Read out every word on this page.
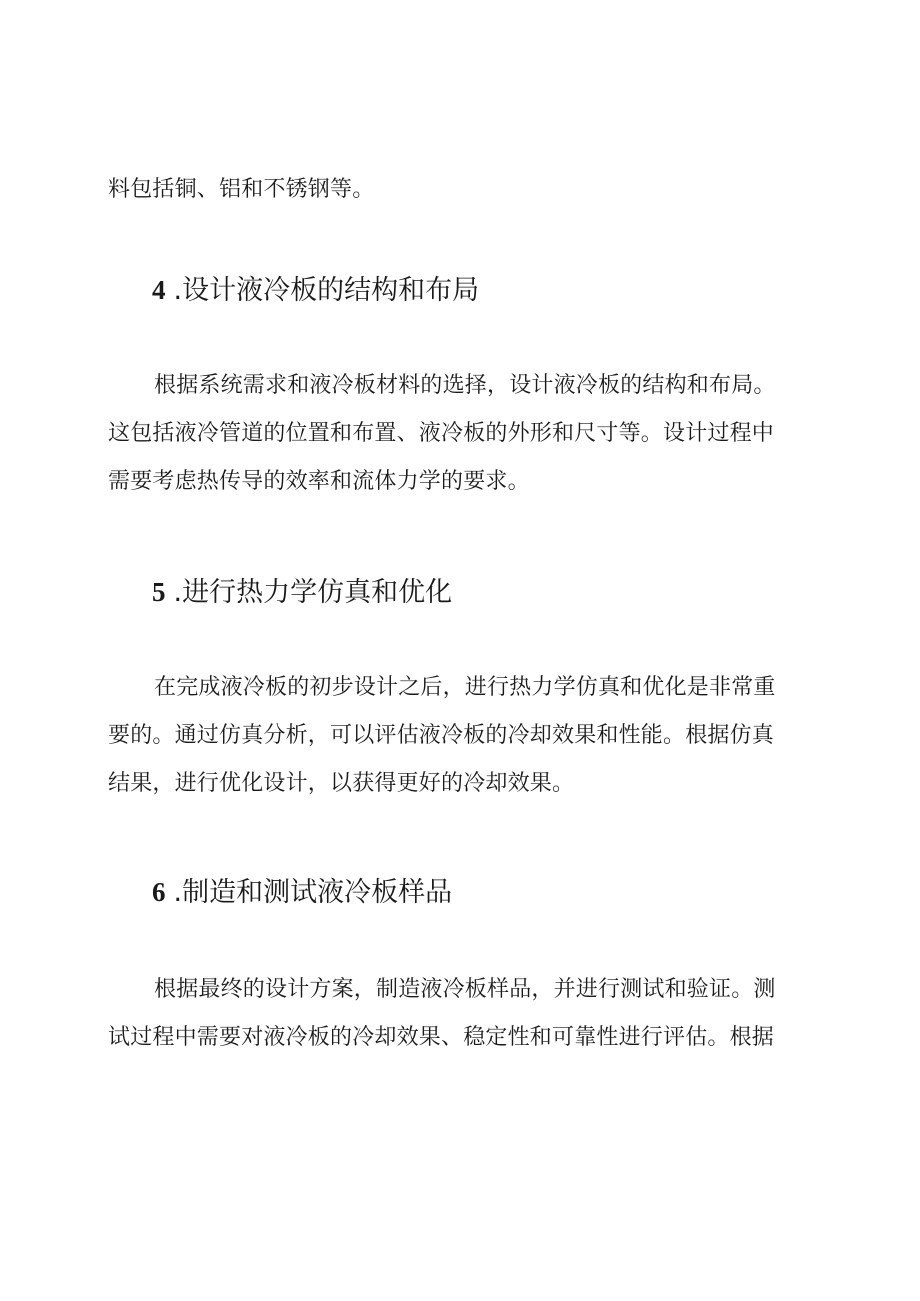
料包括铜、铝和不锈钢等。

4 .设计液冷板的结构和布局

根据系统需求和液冷板材料的选择，设计液冷板的结构和布局。
这包括液冷管道的位置和布置、液冷板的外形和尺寸等。设计过程中
需要考虑热传导的效率和流体力学的要求。

5 .进行热力学仿真和优化

在完成液冷板的初步设计之后，进行热力学仿真和优化是非常重
要的。通过仿真分析，可以评估液冷板的冷却效果和性能。根据仿真
结果，进行优化设计，以获得更好的冷却效果。

6 .制造和测试液冷板样品

根据最终的设计方案，制造液冷板样品，并进行测试和验证。测
试过程中需要对液冷板的冷却效果、稳定性和可靠性进行评估。根据
